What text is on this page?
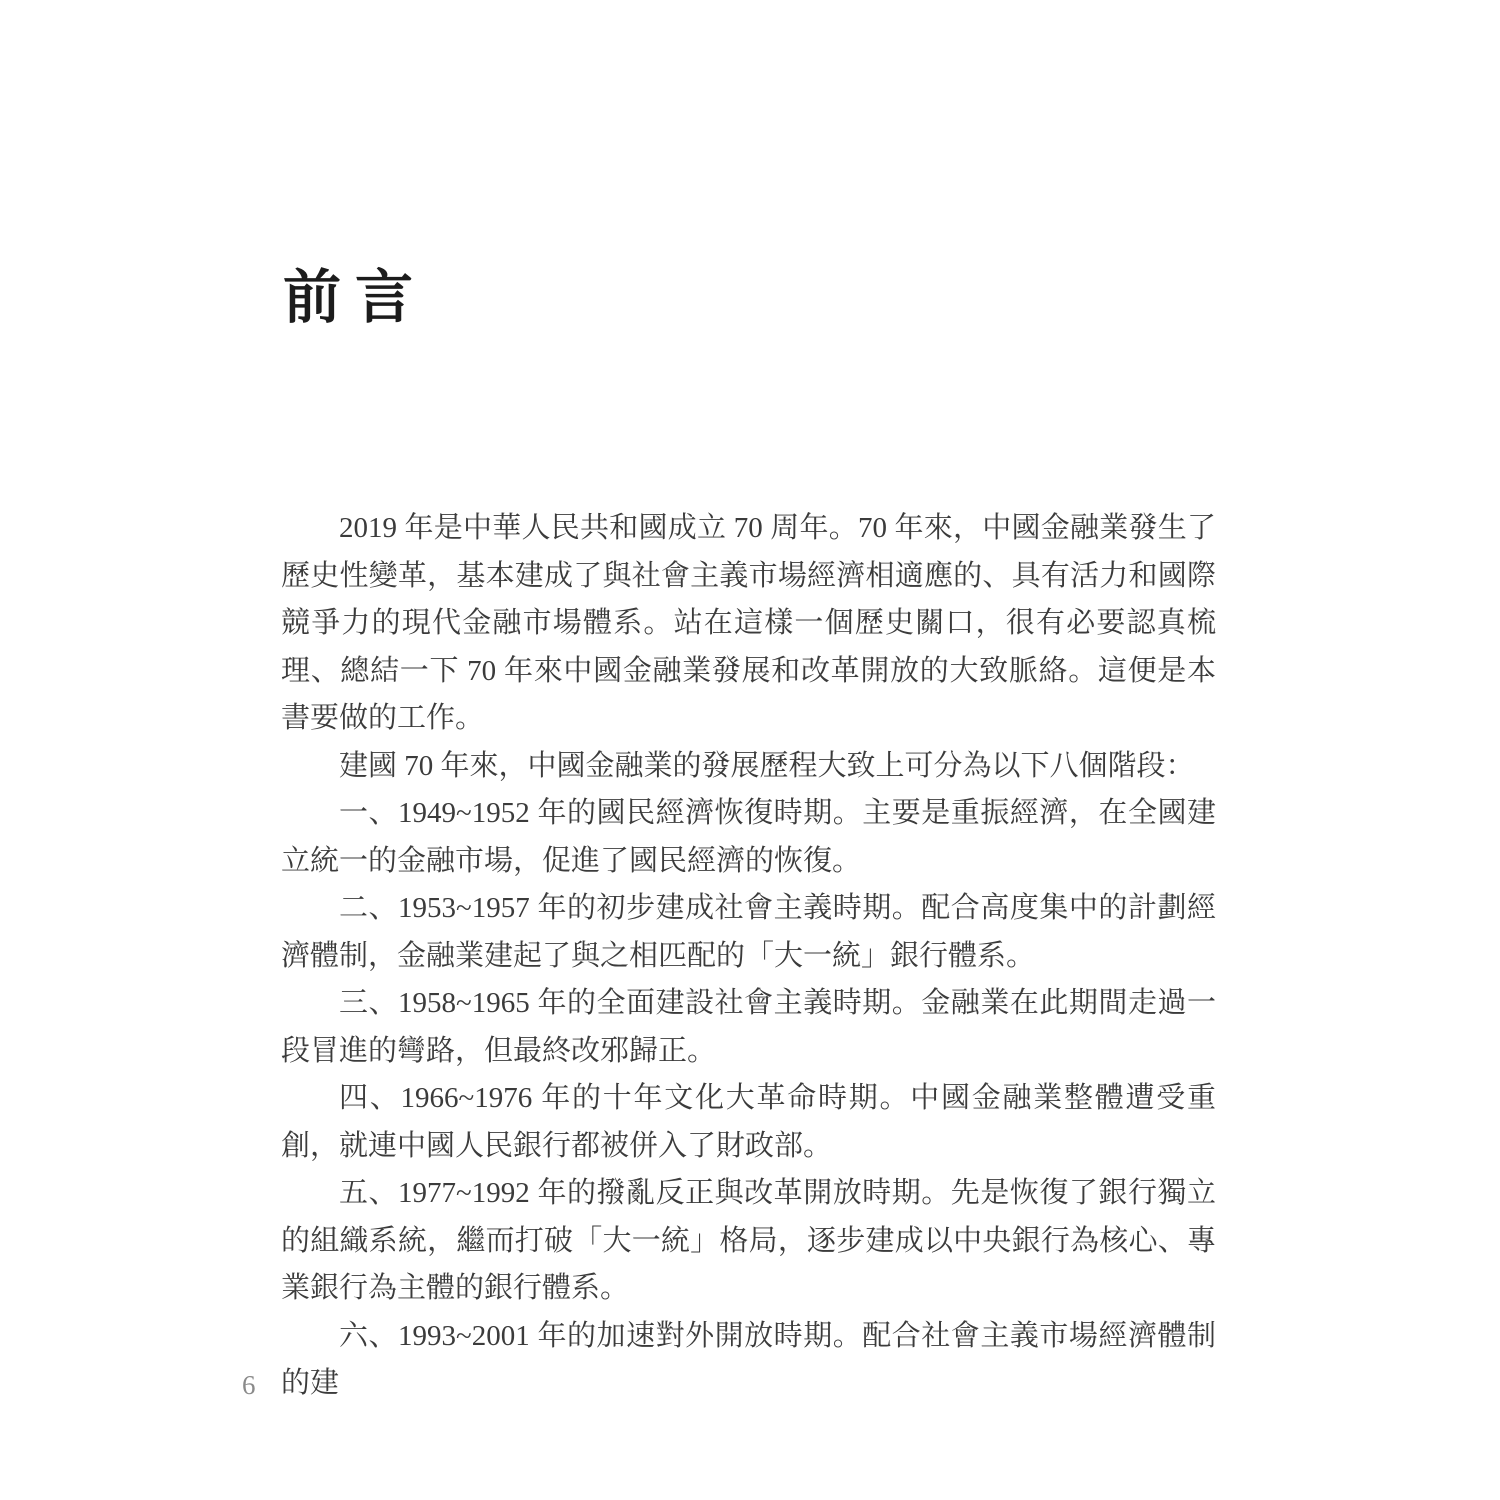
前言

2019 年是中華人民共和國成立 70 周年。70 年來，中國金融業發生了歷史性變革，基本建成了與社會主義市場經濟相適應的、具有活力和國際競爭力的現代金融市場體系。站在這樣一個歷史關口，很有必要認真梳理、總結一下 70 年來中國金融業發展和改革開放的大致脈絡。這便是本書要做的工作。

建國 70 年來，中國金融業的發展歷程大致上可分為以下八個階段：

一、1949~1952 年的國民經濟恢復時期。主要是重振經濟，在全國建立統一的金融市場，促進了國民經濟的恢復。

二、1953~1957 年的初步建成社會主義時期。配合高度集中的計劃經濟體制，金融業建起了與之相匹配的「大一統」銀行體系。

三、1958~1965 年的全面建設社會主義時期。金融業在此期間走過一段冒進的彎路，但最終改邪歸正。

四、1966~1976 年的十年文化大革命時期。中國金融業整體遭受重創，就連中國人民銀行都被併入了財政部。

五、1977~1992 年的撥亂反正與改革開放時期。先是恢復了銀行獨立的組織系統，繼而打破「大一統」格局，逐步建成以中央銀行為核心、專業銀行為主體的銀行體系。

六、1993~2001 年的加速對外開放時期。配合社會主義市場經濟體制的建

6
